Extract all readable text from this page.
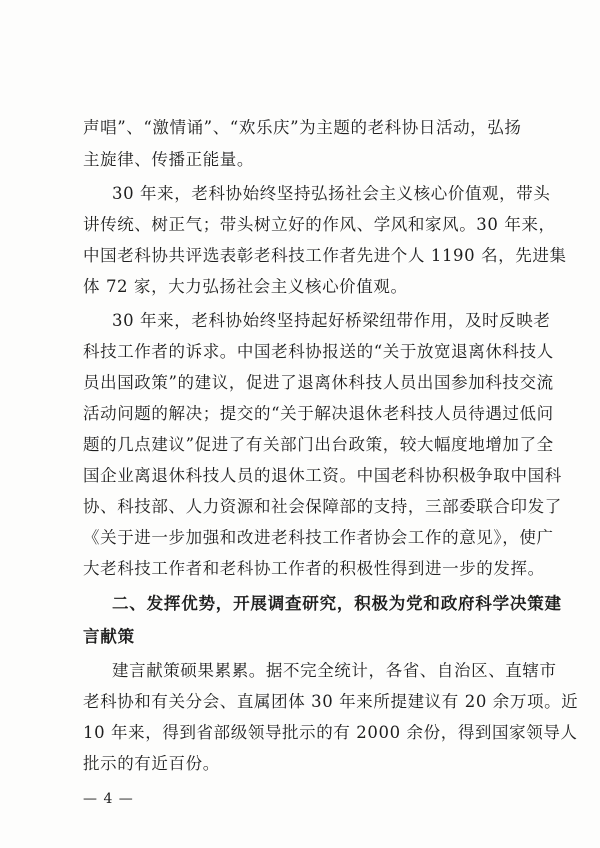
声唱”、“激情诵”、“欢乐庆”为主题的老科协日活动，弘扬
主旋律、传播正能量。
30 年来，老科协始终坚持弘扬社会主义核心价值观，带头
讲传统、树正气；带头树立好的作风、学风和家风。30 年来，
中国老科协共评选表彰老科技工作者先进个人 1190 名，先进集
体 72 家，大力弘扬社会主义核心价值观。
30 年来，老科协始终坚持起好桥梁纽带作用，及时反映老
科技工作者的诉求。中国老科协报送的“关于放宽退离休科技人
员出国政策”的建议，促进了退离休科技人员出国参加科技交流
活动问题的解决；提交的“关于解决退休老科技人员待遇过低问
题的几点建议”促进了有关部门出台政策，较大幅度地增加了全
国企业离退休科技人员的退休工资。中国老科协积极争取中国科
协、科技部、人力资源和社会保障部的支持，三部委联合印发了
《关于进一步加强和改进老科技工作者协会工作的意见》，使广
大老科技工作者和老科协工作者的积极性得到进一步的发挥。
二、发挥优势，开展调查研究，积极为党和政府科学决策建
言献策
建言献策硕果累累。据不完全统计，各省、自治区、直辖市
老科协和有关分会、直属团体 30 年来所提建议有 20 余万项。近
10 年来，得到省部级领导批示的有 2000 余份，得到国家领导人
批示的有近百份。
— 4 —
